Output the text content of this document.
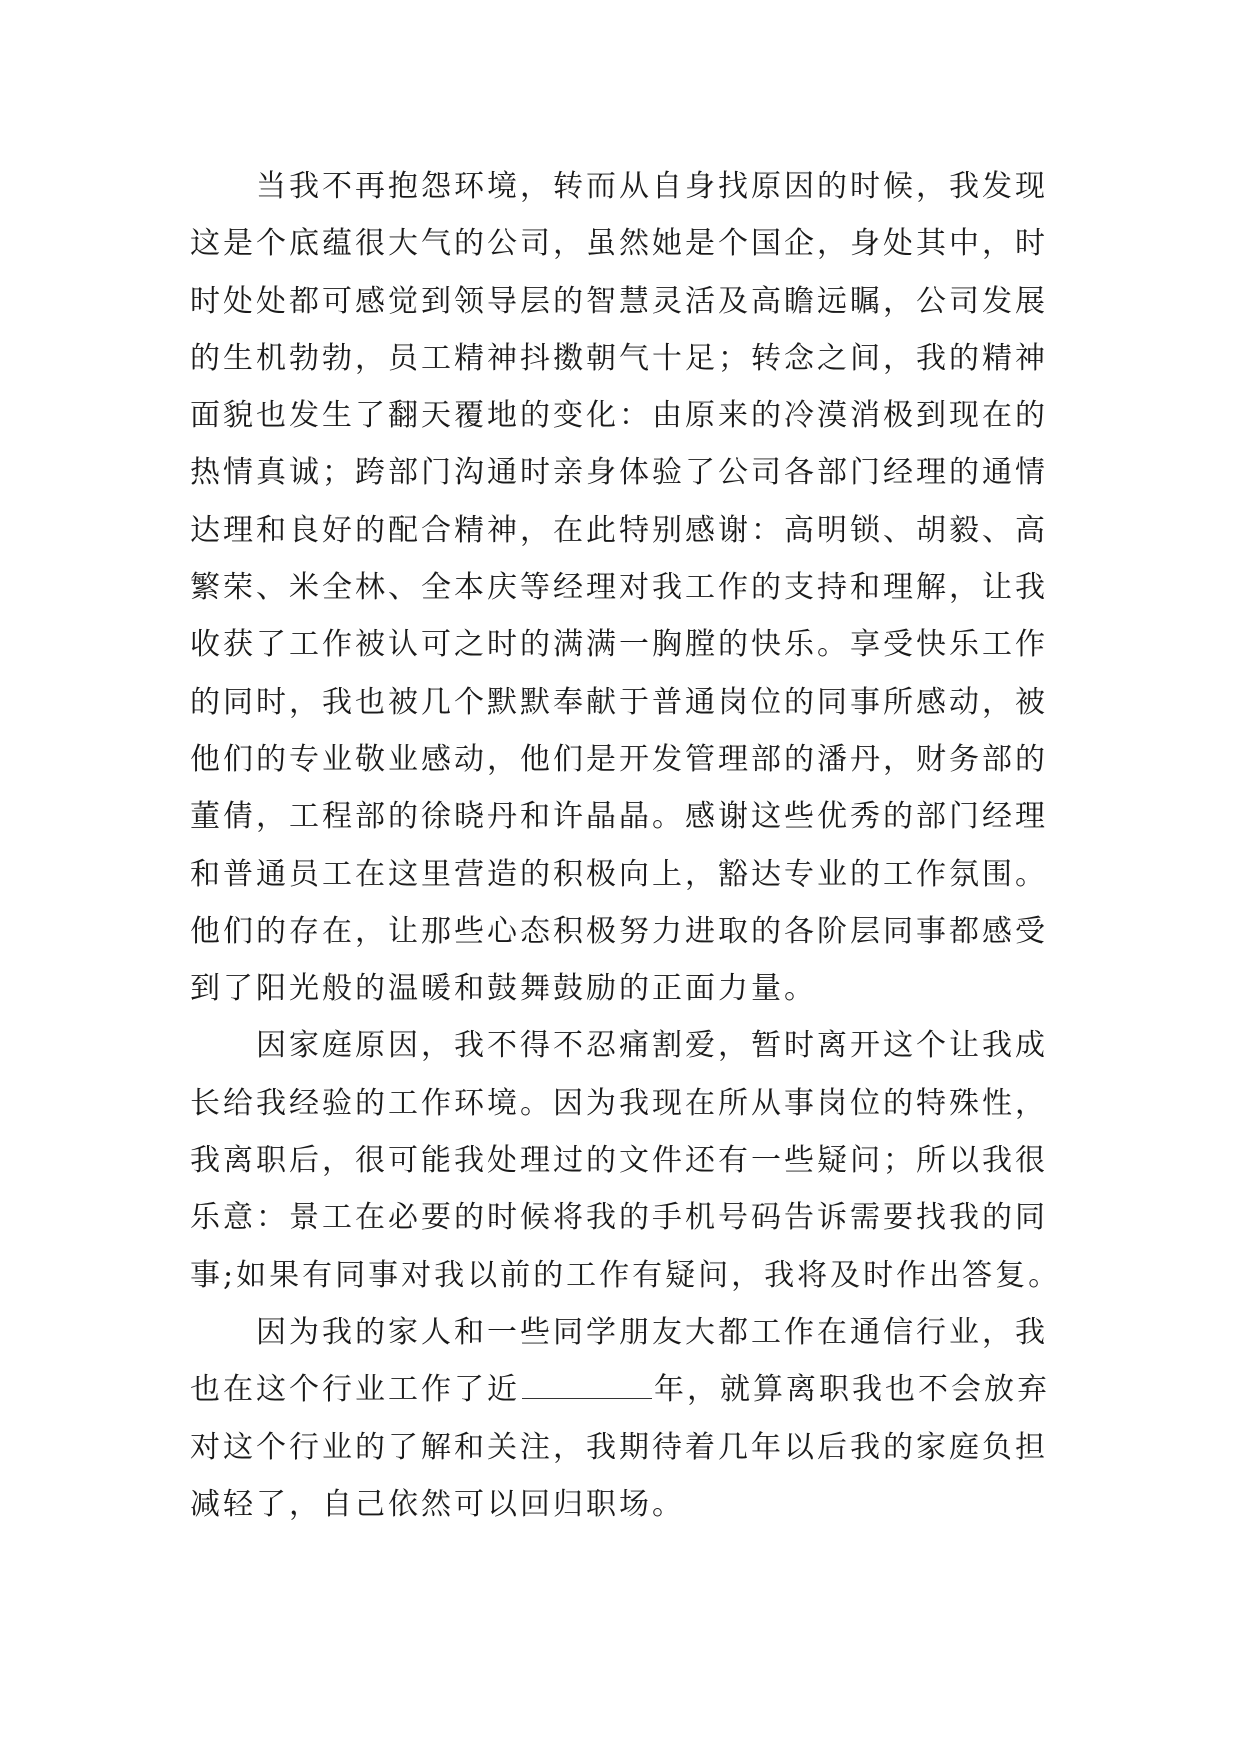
　　当我不再抱怨环境，转而从自身找原因的时候，我发现
这是个底蕴很大气的公司，虽然她是个国企，身处其中，时
时处处都可感觉到领导层的智慧灵活及高瞻远瞩，公司发展
的生机勃勃，员工精神抖擞朝气十足；转念之间，我的精神
面貌也发生了翻天覆地的变化：由原来的冷漠消极到现在的
热情真诚；跨部门沟通时亲身体验了公司各部门经理的通情
达理和良好的配合精神，在此特别感谢：高明锁、胡毅、高
繁荣、米全林、全本庆等经理对我工作的支持和理解，让我
收获了工作被认可之时的满满一胸膛的快乐。享受快乐工作
的同时，我也被几个默默奉献于普通岗位的同事所感动，被
他们的专业敬业感动，他们是开发管理部的潘丹，财务部的
董倩，工程部的徐晓丹和许晶晶。感谢这些优秀的部门经理
和普通员工在这里营造的积极向上，豁达专业的工作氛围。
他们的存在，让那些心态积极努力进取的各阶层同事都感受
到了阳光般的温暖和鼓舞鼓励的正面力量。
　　因家庭原因，我不得不忍痛割爱，暂时离开这个让我成
长给我经验的工作环境。因为我现在所从事岗位的特殊性，
我离职后，很可能我处理过的文件还有一些疑问；所以我很
乐意：景工在必要的时候将我的手机号码告诉需要找我的同
事;如果有同事对我以前的工作有疑问，我将及时作出答复。
　　因为我的家人和一些同学朋友大都工作在通信行业，我
也在这个行业工作了近	年，就算离职我也不会放弃
对这个行业的了解和关注，我期待着几年以后我的家庭负担
减轻了，自己依然可以回归职场。
